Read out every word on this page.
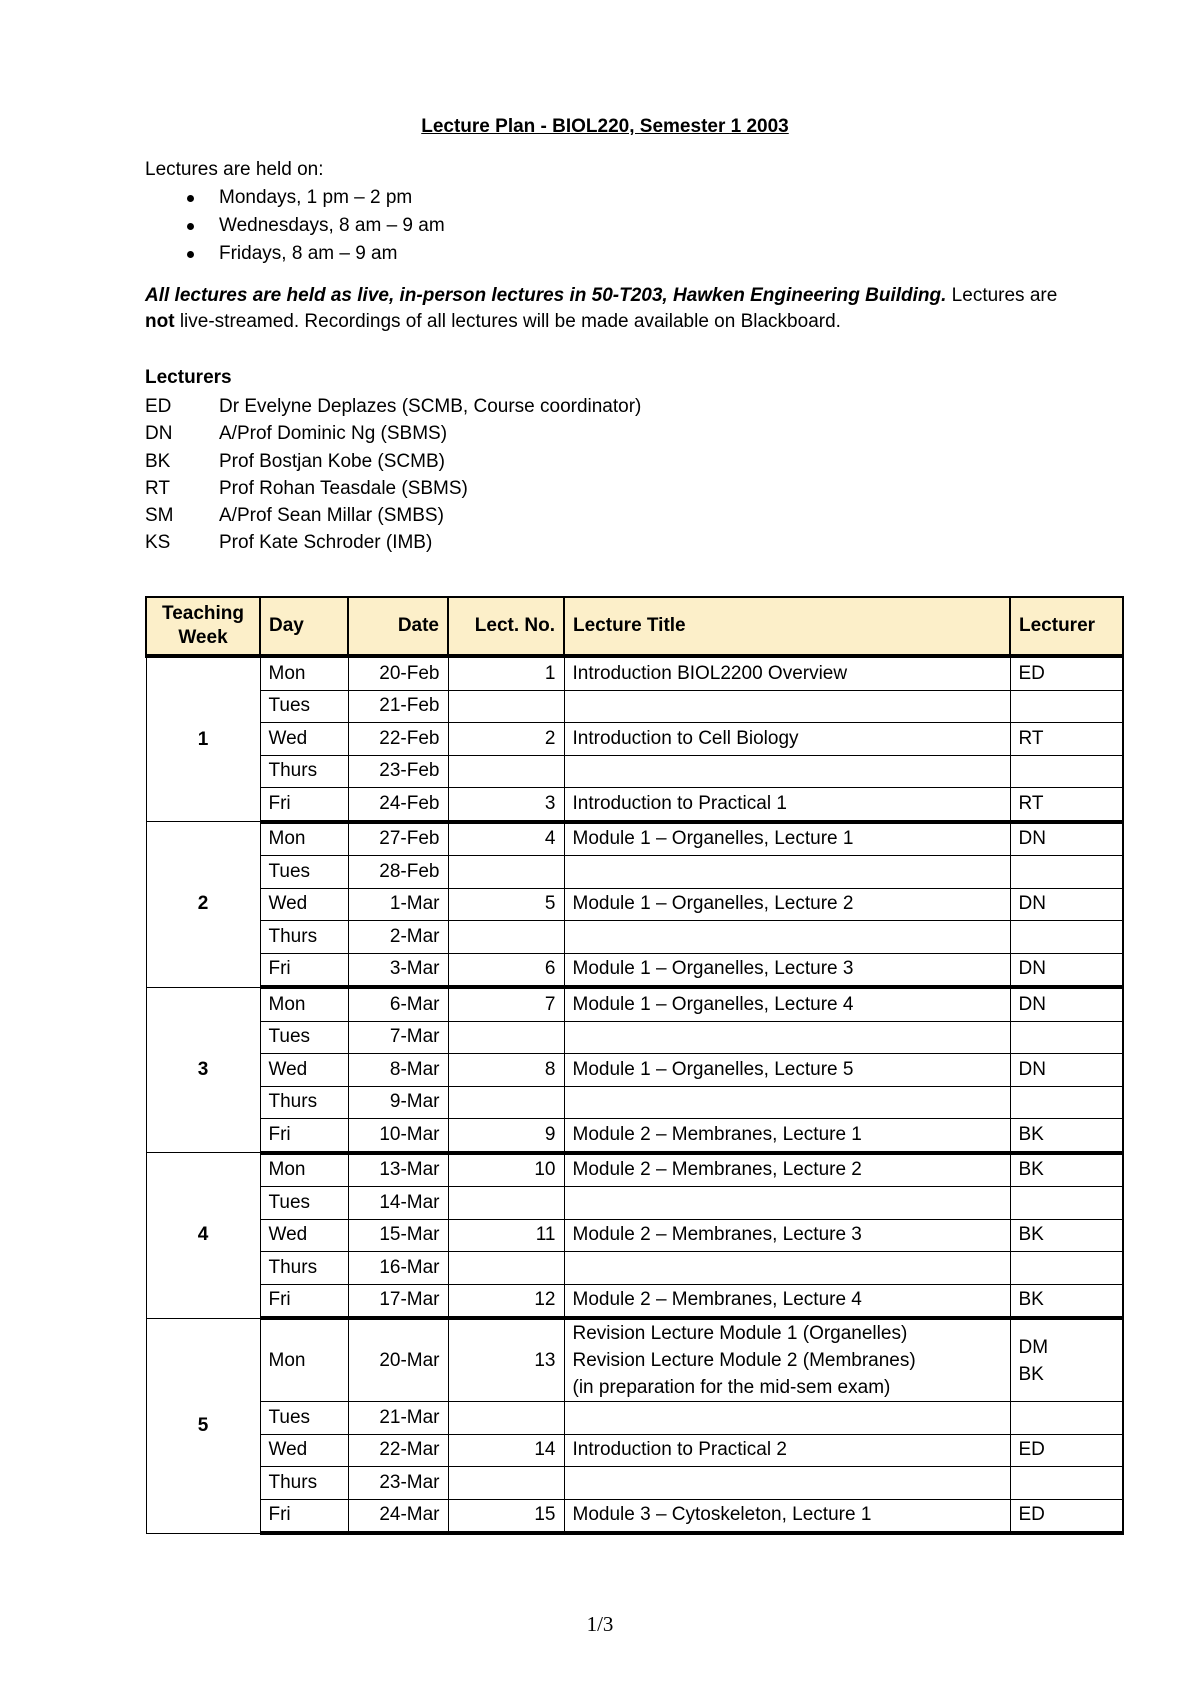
Lecture Plan - BIOL220, Semester 1 2003
Lectures are held on:
Mondays, 1 pm – 2 pm
Wednesdays, 8 am – 9 am
Fridays, 8 am – 9 am
All lectures are held as live, in-person lectures in 50-T203, Hawken Engineering Building. Lectures are not live-streamed. Recordings of all lectures will be made available on Blackboard.
Lecturers
ED	Dr Evelyne Deplazes (SCMB, Course coordinator)
DN	A/Prof Dominic Ng (SBMS)
BK	Prof Bostjan Kobe (SCMB)
RT	Prof Rohan Teasdale (SBMS)
SM	A/Prof Sean Millar (SMBS)
KS	Prof Kate Schroder (IMB)
Teaching Week	Day	Date	Lect. No.	Lecture Title	Lecturer
1	Mon	20-Feb	1	Introduction BIOL2200 Overview	ED
	Tues	21-Feb			
	Wed	22-Feb	2	Introduction to Cell Biology	RT
	Thurs	23-Feb			
	Fri	24-Feb	3	Introduction to Practical 1	RT
2	Mon	27-Feb	4	Module 1 – Organelles, Lecture 1	DN
	Tues	28-Feb			
	Wed	1-Mar	5	Module 1 – Organelles, Lecture 2	DN
	Thurs	2-Mar			
	Fri	3-Mar	6	Module 1 – Organelles, Lecture 3	DN
3	Mon	6-Mar	7	Module 1 – Organelles, Lecture 4	DN
	Tues	7-Mar			
	Wed	8-Mar	8	Module 1 – Organelles, Lecture 5	DN
	Thurs	9-Mar			
	Fri	10-Mar	9	Module 2 – Membranes, Lecture 1	BK
4	Mon	13-Mar	10	Module 2 – Membranes, Lecture 2	BK
	Tues	14-Mar			
	Wed	15-Mar	11	Module 2 – Membranes, Lecture 3	BK
	Thurs	16-Mar			
	Fri	17-Mar	12	Module 2 – Membranes, Lecture 4	BK
5	Mon	20-Mar	13	Revision Lecture Module 1 (Organelles)
Revision Lecture Module 2 (Membranes)
(in preparation for the mid-sem exam)	DM
BK
	Tues	21-Mar			
	Wed	22-Mar	14	Introduction to Practical 2	ED
	Thurs	23-Mar			
	Fri	24-Mar	15	Module 3 – Cytoskeleton, Lecture 1	ED
1/3
